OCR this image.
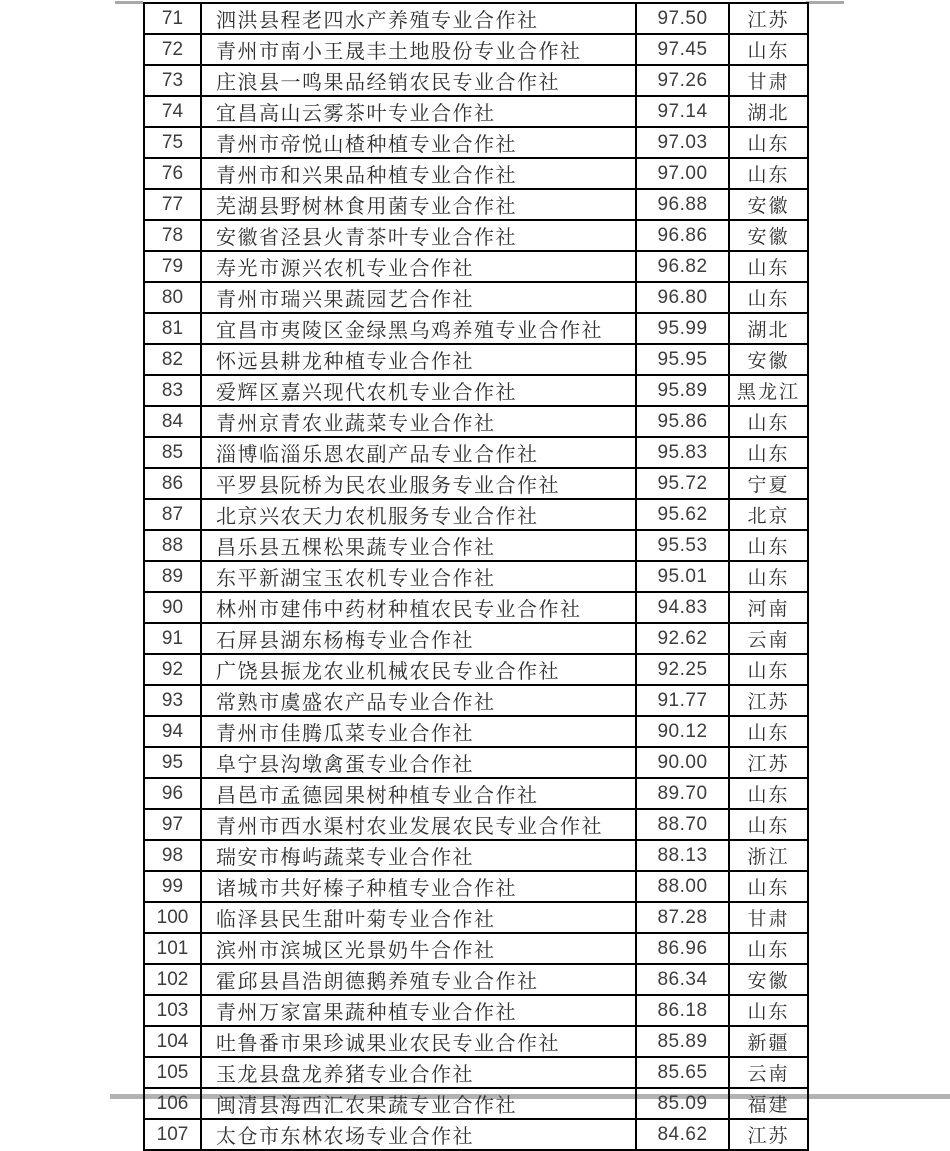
71	泗洪县程老四水产养殖专业合作社	97.50	江苏
72	青州市南小王晟丰土地股份专业合作社	97.45	山东
73	庄浪县一鸣果品经销农民专业合作社	97.26	甘肃
74	宜昌高山云雾茶叶专业合作社	97.14	湖北
75	青州市帝悦山楂种植专业合作社	97.03	山东
76	青州市和兴果品种植专业合作社	97.00	山东
77	芜湖县野树林食用菌专业合作社	96.88	安徽
78	安徽省泾县火青茶叶专业合作社	96.86	安徽
79	寿光市源兴农机专业合作社	96.82	山东
80	青州市瑞兴果蔬园艺合作社	96.80	山东
81	宜昌市夷陵区金绿黑乌鸡养殖专业合作社	95.99	湖北
82	怀远县耕龙种植专业合作社	95.95	安徽
83	爱辉区嘉兴现代农机专业合作社	95.89	黑龙江
84	青州京青农业蔬菜专业合作社	95.86	山东
85	淄博临淄乐恩农副产品专业合作社	95.83	山东
86	平罗县阮桥为民农业服务专业合作社	95.72	宁夏
87	北京兴农天力农机服务专业合作社	95.62	北京
88	昌乐县五棵松果蔬专业合作社	95.53	山东
89	东平新湖宝玉农机专业合作社	95.01	山东
90	林州市建伟中药材种植农民专业合作社	94.83	河南
91	石屏县湖东杨梅专业合作社	92.62	云南
92	广饶县振龙农业机械农民专业合作社	92.25	山东
93	常熟市虞盛农产品专业合作社	91.77	江苏
94	青州市佳腾瓜菜专业合作社	90.12	山东
95	阜宁县沟墩禽蛋专业合作社	90.00	江苏
96	昌邑市孟德园果树种植专业合作社	89.70	山东
97	青州市西水渠村农业发展农民专业合作社	88.70	山东
98	瑞安市梅屿蔬菜专业合作社	88.13	浙江
99	诸城市共好榛子种植专业合作社	88.00	山东
100	临泽县民生甜叶菊专业合作社	87.28	甘肃
101	滨州市滨城区光景奶牛合作社	86.96	山东
102	霍邱县昌浩朗德鹅养殖专业合作社	86.34	安徽
103	青州万家富果蔬种植专业合作社	86.18	山东
104	吐鲁番市果珍诚果业农民专业合作社	85.89	新疆
105	玉龙县盘龙养猪专业合作社	85.65	云南
106	闽清县海西汇农果蔬专业合作社	85.09	福建
107	太仓市东林农场专业合作社	84.62	江苏
